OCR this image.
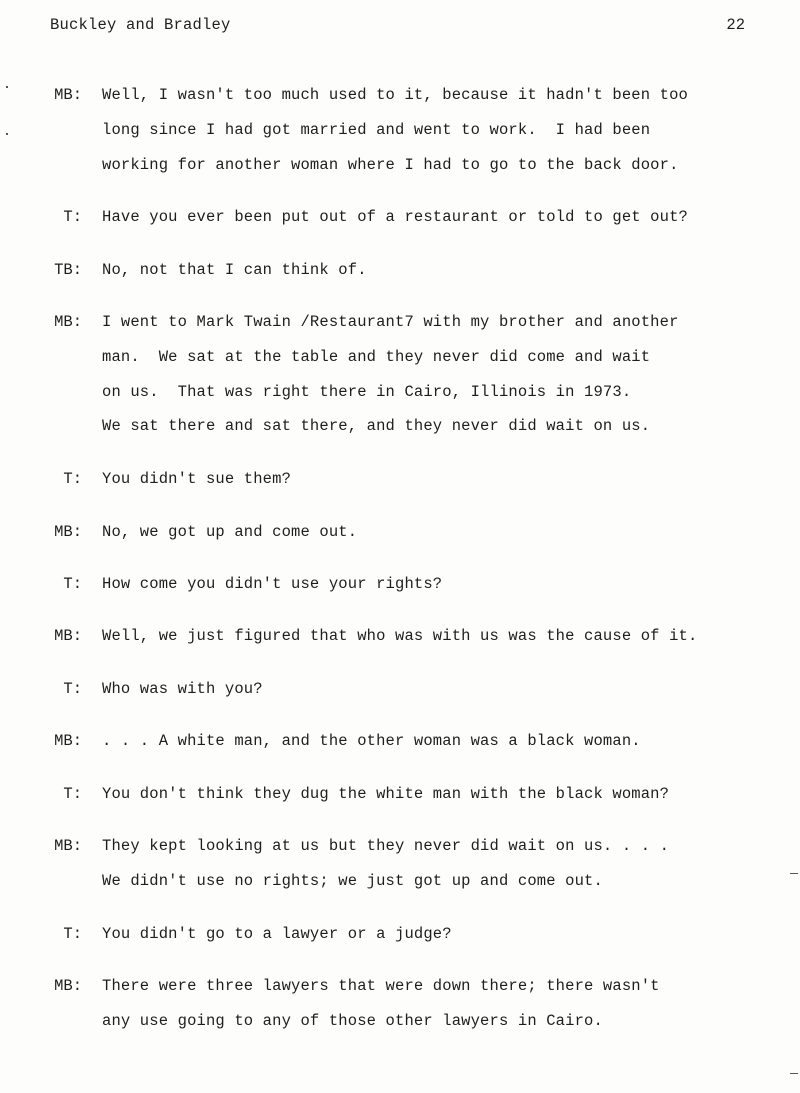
Buckley and Bradley	22
MB: Well, I wasn't too much used to it, because it hadn't been too
long since I had got married and went to work.  I had been
working for another woman where I had to go to the back door.
T: Have you ever been put out of a restaurant or told to get out?
TB: No, not that I can think of.
MB: I went to Mark Twain /Restaurant7 with my brother and another
man.  We sat at the table and they never did come and wait
on us.  That was right there in Cairo, Illinois in 1973.
We sat there and sat there, and they never did wait on us.
T: You didn't sue them?
MB: No, we got up and come out.
T: How come you didn't use your rights?
MB: Well, we just figured that who was with us was the cause of it.
T: Who was with you?
MB: . . . A white man, and the other woman was a black woman.
T: You don't think they dug the white man with the black woman?
MB: They kept looking at us but they never did wait on us. . . .
We didn't use no rights; we just got up and come out.
T: You didn't go to a lawyer or a judge?
MB: There were three lawyers that were down there; there wasn't
any use going to any of those other lawyers in Cairo.
